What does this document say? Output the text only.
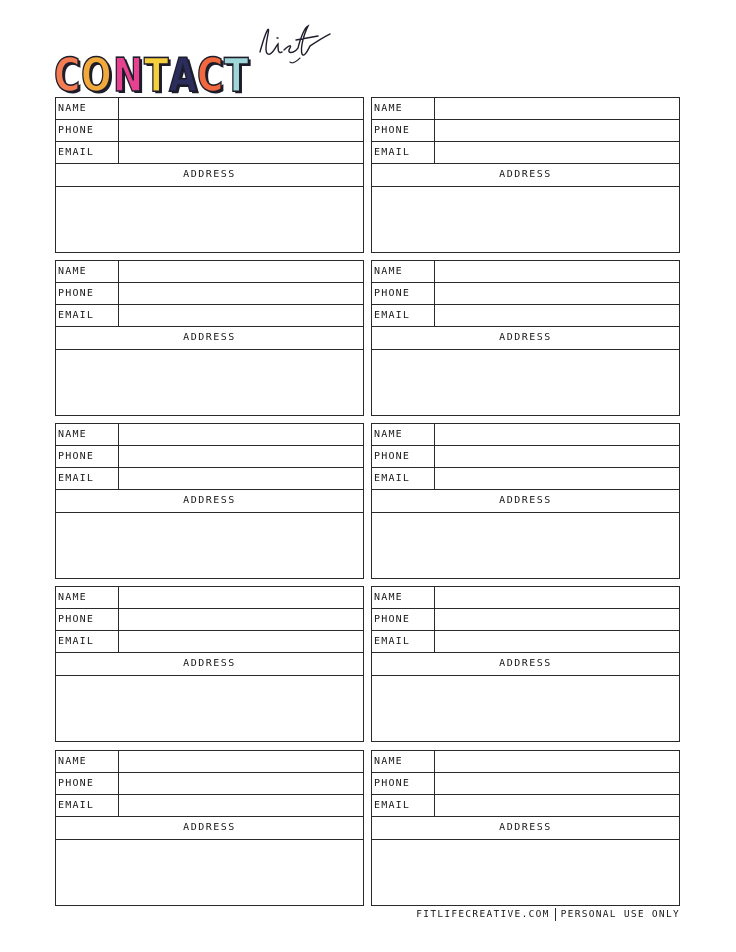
C O N T A C T
NAME
PHONE
EMAIL
ADDRESS
NAME
PHONE
EMAIL
ADDRESS
NAME
PHONE
EMAIL
ADDRESS
NAME
PHONE
EMAIL
ADDRESS
NAME
PHONE
EMAIL
ADDRESS
NAME
PHONE
EMAIL
ADDRESS
NAME
PHONE
EMAIL
ADDRESS
NAME
PHONE
EMAIL
ADDRESS
NAME
PHONE
EMAIL
ADDRESS
NAME
PHONE
EMAIL
ADDRESS
FITLIFECREATIVE.COM PERSONAL USE ONLY
